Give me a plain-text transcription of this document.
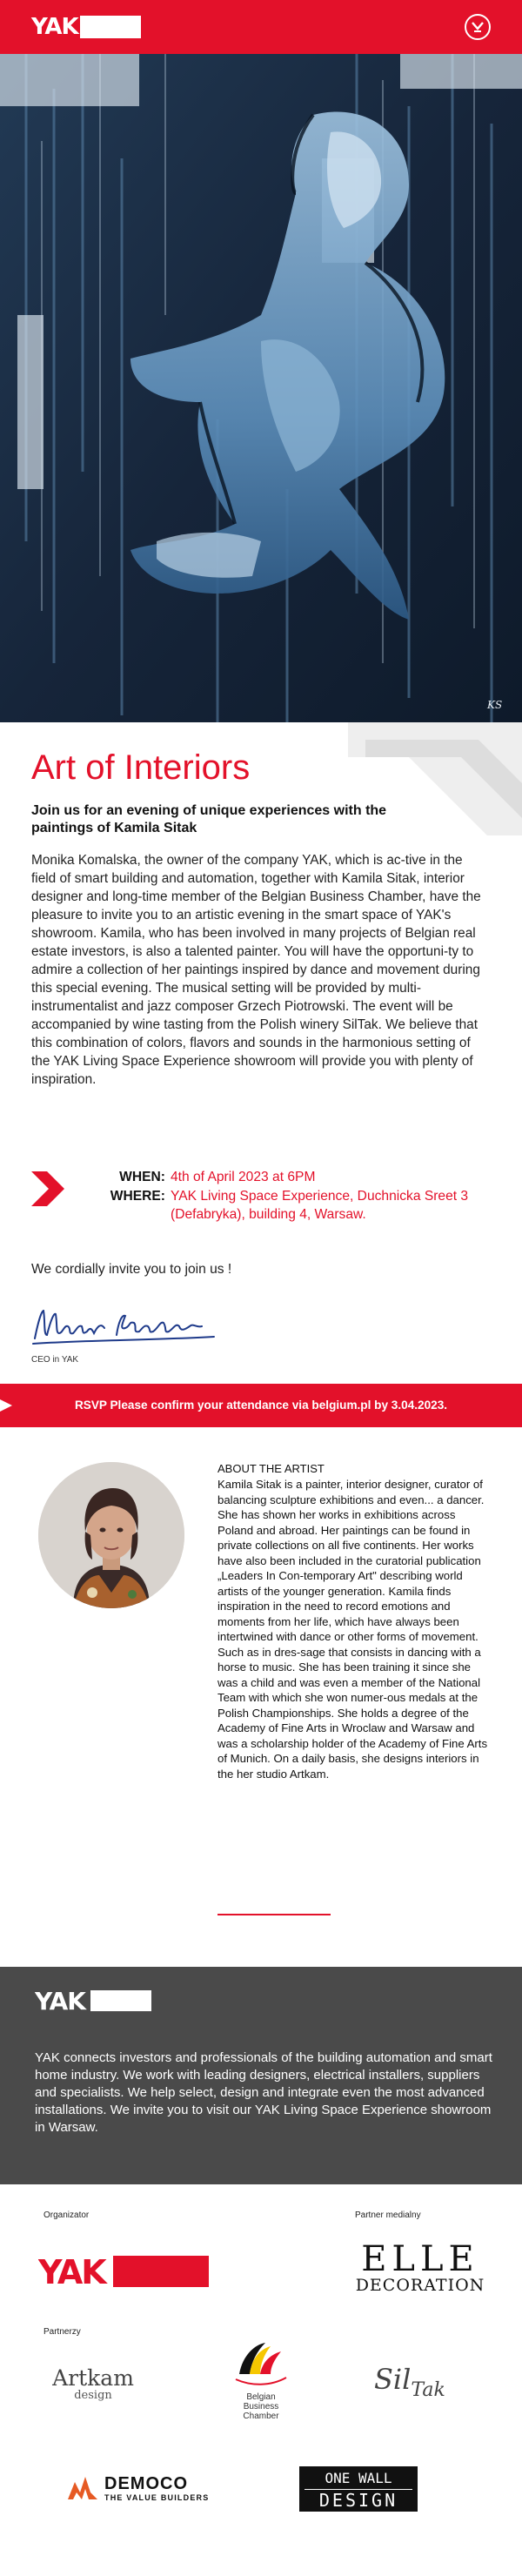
YAK
KS
Art of Interiors

Join us for an evening of unique experiences with the paintings of Kamila Sitak

Monika Komalska, the owner of the company YAK, which is ac-tive in the field of smart building and automation, together with Kamila Sitak, interior designer and long-time member of the Belgian Business Chamber, have the pleasure to invite you to an artistic evening in the smart space of YAK's showroom. Kamila, who has been involved in many projects of Belgian real estate investors, is also a talented painter. You will have the opportuni-ty to admire a collection of her paintings inspired by dance and movement during this special evening. The musical setting will be provided by multi-instrumentalist and jazz composer Grzech Piotrowski. The event will be accompanied by wine tasting from the Polish winery SilTak. We believe that this combination of colors, flavors and sounds in the harmonious setting of the YAK Living Space Experience showroom will provide you with plenty of inspiration.

WHEN: 4th of April 2023 at 6PM
WHERE: YAK Living Space Experience, Duchnicka Sreet 3 (Defabryka), building 4, Warsaw.

We cordially invite you to join us !

CEO in YAK

RSVP Please confirm your attendance via belgium.pl by 3.04.2023.

ABOUT THE ARTIST

Kamila Sitak is a painter, interior designer, curator of balancing sculpture exhibitions and even... a dancer. She has shown her works in exhibitions across Poland and abroad. Her paintings can be found in private collections on all five continents. Her works have also been included in the curatorial publication „Leaders In Con-temporary Art" describing world artists of the younger generation. Kamila finds inspiration in the need to record emotions and moments from her life, which have always been intertwined with dance or other forms of movement. Such as in dres-sage that consists in dancing with a horse to music. She has been training it since she was a child and was even a member of the National Team with which she won numer-ous medals at the Polish Championships. She holds a degree of the Academy of Fine Arts in Wroclaw and Warsaw and was a scholarship holder of the Academy of Fine Arts of Munich. On a daily basis, she designs interiors in the her studio Artkam.

YAK

YAK connects investors and professionals of the building automation and smart home industry. We work with leading designers, electrical installers, suppliers and specialists. We help select, design and integrate even the most advanced installations. We invite you to visit our YAK Living Space Experience showroom in Warsaw.

Organizator	Partner medialny

YAK	ELLE
DECORATION

Partnerzy

Artkam
design	Belgian
Business
Chamber
SilTak
DEMOCO
THE VALUE BUILDERS
ONE WALL
DESIGN
